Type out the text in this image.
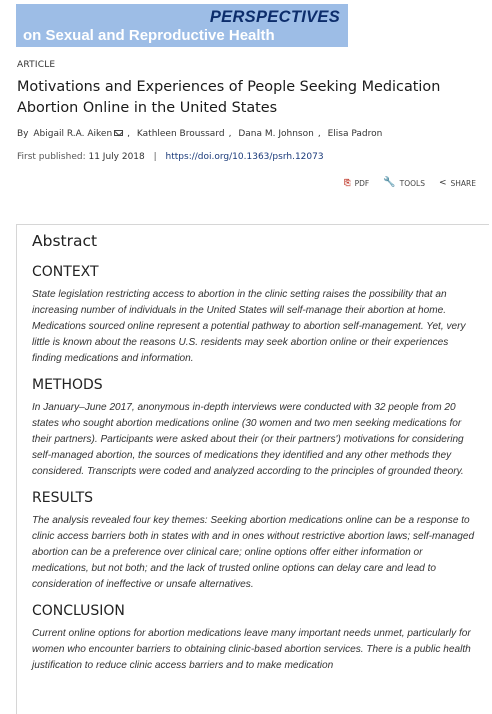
PERSPECTIVES
on Sexual and Reproductive Health
ARTICLE
Motivations and Experiences of People Seeking Medication Abortion Online in the United States
By Abigail R.A. Aiken , Kathleen Broussard , Dana M. Johnson , Elisa Padron
First published: 11 July 2018 | https://doi.org/10.1363/psrh.12073
⎘ PDF 🔧 TOOLS < SHARE
Abstract
CONTEXT

State legislation restricting access to abortion in the clinic setting raises the possibility that an increasing number of individuals in the United States will self-manage their abortion at home. Medications sourced online represent a potential pathway to abortion self-management. Yet, very little is known about the reasons U.S. residents may seek abortion online or their experiences finding medications and information.

METHODS

In January–June 2017, anonymous in-depth interviews were conducted with 32 people from 20 states who sought abortion medications online (30 women and two men seeking medications for their partners). Participants were asked about their (or their partners') motivations for considering self-managed abortion, the sources of medications they identified and any other methods they considered. Transcripts were coded and analyzed according to the principles of grounded theory.

RESULTS

The analysis revealed four key themes: Seeking abortion medications online can be a response to clinic access barriers both in states with and in ones without restrictive abortion laws; self-managed abortion can be a preference over clinical care; online options offer either information or medications, but not both; and the lack of trusted online options can delay care and lead to consideration of ineffective or unsafe alternatives.

CONCLUSION

Current online options for abortion medications leave many important needs unmet, particularly for women who encounter barriers to obtaining clinic-based abortion services. There is a public health justification to reduce clinic access barriers and to make medication
